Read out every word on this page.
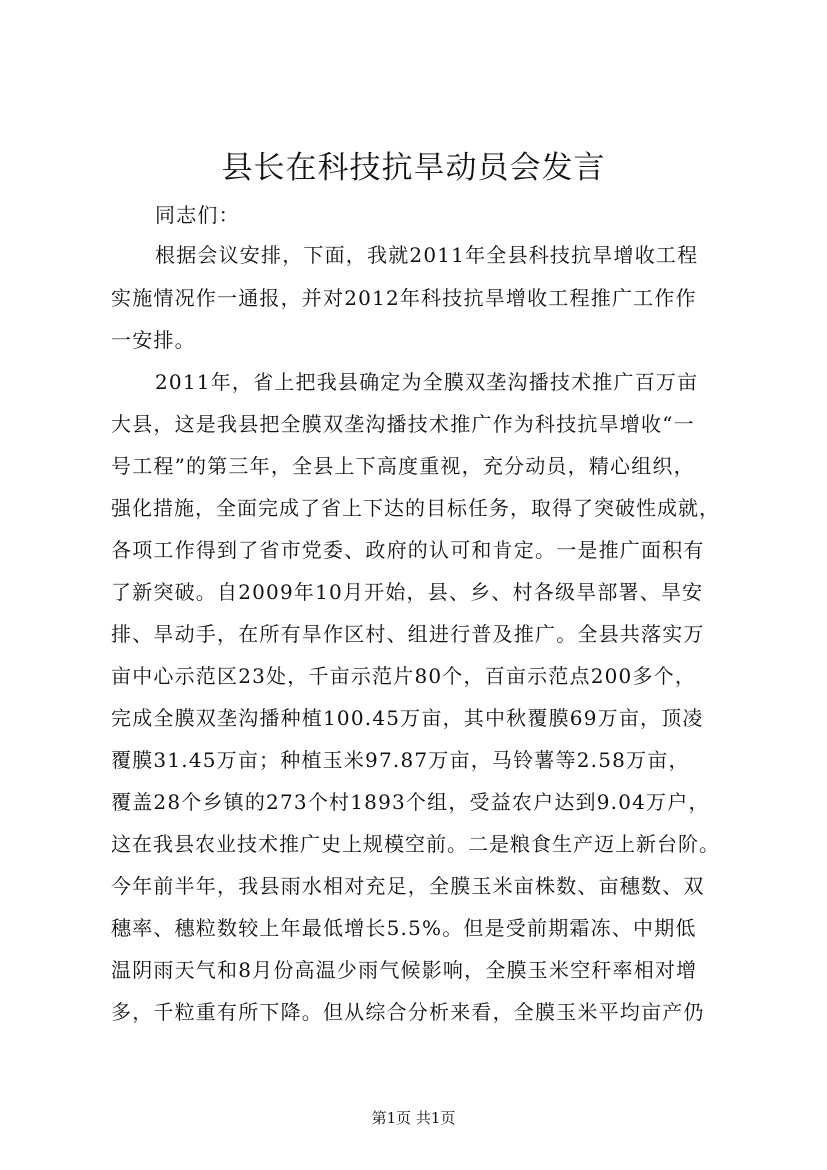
县长在科技抗旱动员会发言

同志们：

根据会议安排，下面，我就2011年全县科技抗旱增收工程

实施情况作一通报，并对2012年科技抗旱增收工程推广工作作

一安排。

2011年，省上把我县确定为全膜双垄沟播技术推广百万亩

大县，这是我县把全膜双垄沟播技术推广作为科技抗旱增收“一

号工程”的第三年，全县上下高度重视，充分动员，精心组织，

强化措施，全面完成了省上下达的目标任务，取得了突破性成就，

各项工作得到了省市党委、政府的认可和肯定。一是推广面积有

了新突破。自2009年10月开始，县、乡、村各级旱部署、旱安

排、旱动手，在所有旱作区村、组进行普及推广。全县共落实万

亩中心示范区23处，千亩示范片80个，百亩示范点200多个，

完成全膜双垄沟播种植100.45万亩，其中秋覆膜69万亩，顶凌

覆膜31.45万亩；种植玉米97.87万亩，马铃薯等2.58万亩，

覆盖28个乡镇的273个村1893个组，受益农户达到9.04万户，

这在我县农业技术推广史上规模空前。二是粮食生产迈上新台阶。

今年前半年，我县雨水相对充足，全膜玉米亩株数、亩穗数、双

穗率、穗粒数较上年最低增长5.5%。但是受前期霜冻、中期低

温阴雨天气和8月份高温少雨气候影响，全膜玉米空秆率相对增

多，千粒重有所下降。但从综合分析来看，全膜玉米平均亩产仍

第1页 共1页
